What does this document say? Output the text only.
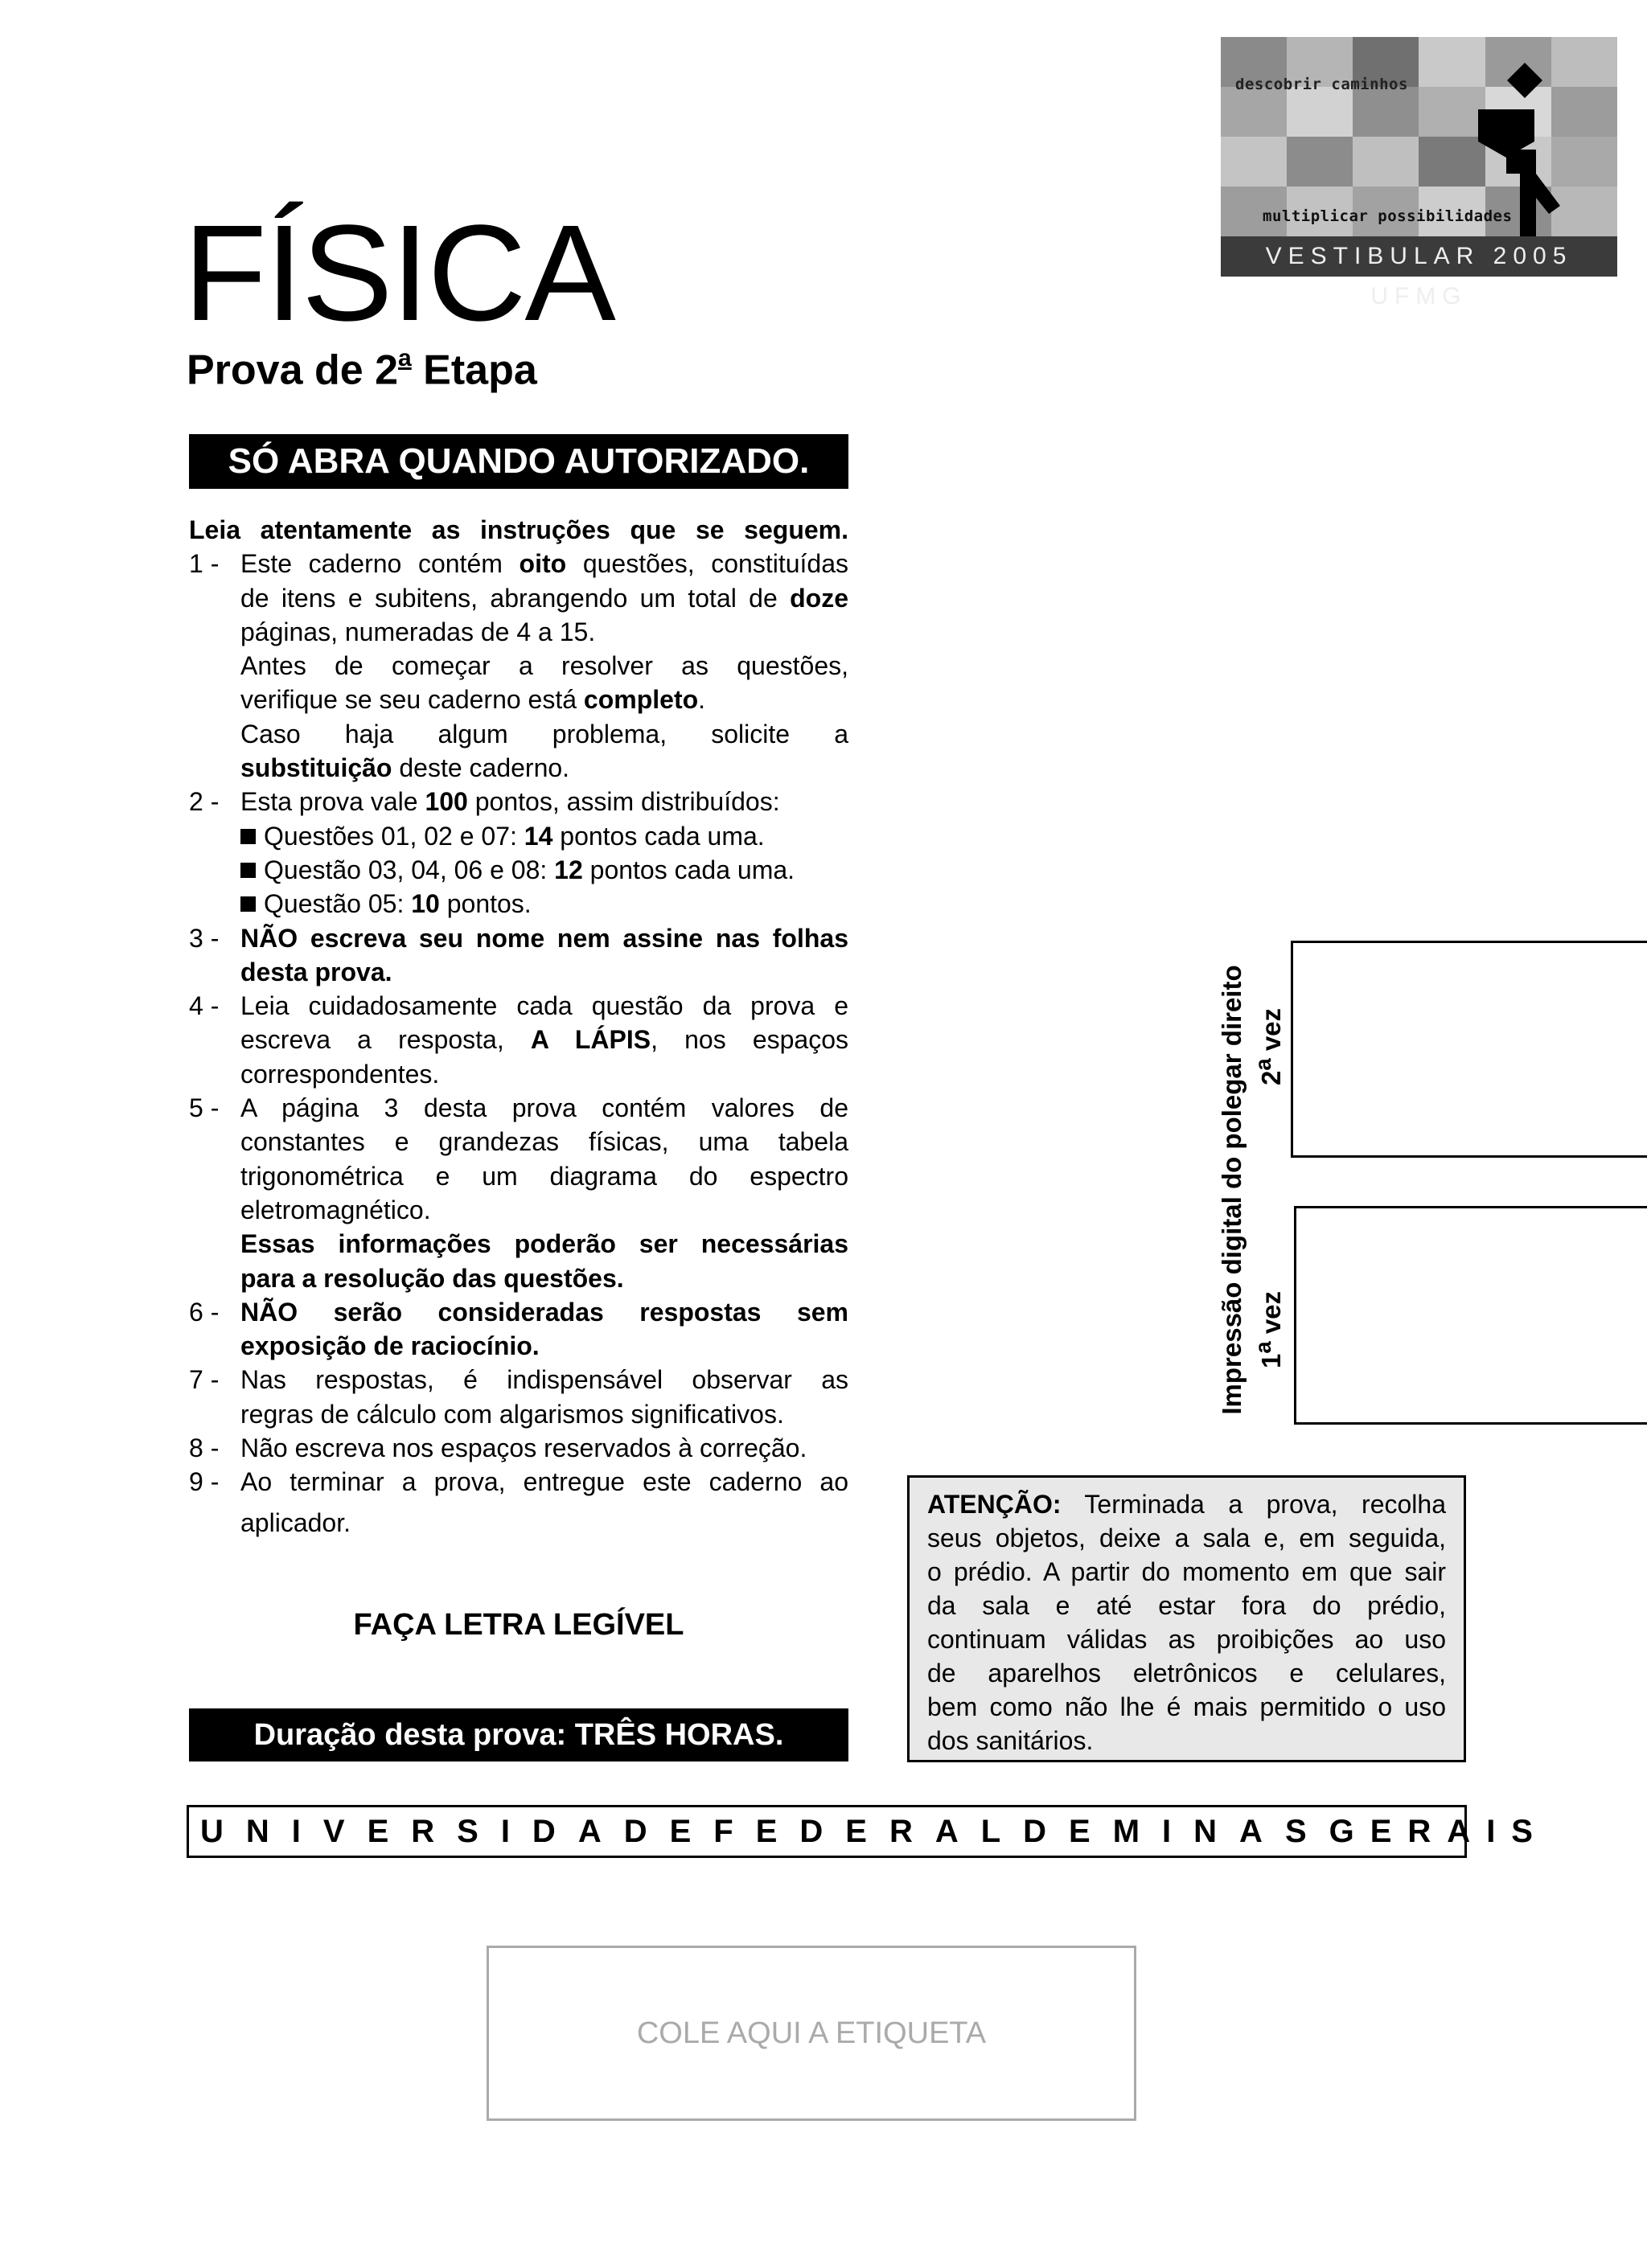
FÍSICA
Prova de 2$^a$ Etapa
descobrir caminhos
multiplicar possibilidades
VESTIBULAR 2005 UFMG
SÓ ABRA QUANDO AUTORIZADO.
Leia atentamente as instruções que se seguem.
1 - Este caderno contém oito questões, constituídas
de itens e subitens, abrangendo um total de doze
páginas, numeradas de 4 a 15.
Antes de começar a resolver as questões,
verifique se seu caderno está completo.
Caso haja algum problema, solicite a
substituição deste caderno.
2 - Esta prova vale 100 pontos, assim distribuídos:
Questões 01, 02 e 07: 14 pontos cada uma.
Questão 03, 04, 06 e 08: 12 pontos cada uma.
Questão 05: 10 pontos.
3 - NÃO escreva seu nome nem assine nas folhas
desta prova.
4 - Leia cuidadosamente cada questão da prova e
escreva a resposta, A LÁPIS, nos espaços
correspondentes.
5 - A página 3 desta prova contém valores de
constantes e grandezas físicas, uma tabela
trigonométrica e um diagrama do espectro
eletromagnético.
Essas informações poderão ser necessárias
para a resolução das questões.
6 - NÃO serão consideradas respostas sem
exposição de raciocínio.
7 - Nas respostas, é indispensável observar as
regras de cálculo com algarismos significativos.
8 - Não escreva nos espaços reservados à correção.
9 - Ao terminar a prova, entregue este caderno ao
aplicador.
FAÇA LETRA LEGÍVEL
Duração desta prova: TRÊS HORAS.
Impressão digital do polegar direito 2$^a$ vez
1$^a$ vez
ATENÇÃO: Terminada a prova, recolha
seus objetos, deixe a sala e, em seguida,
o prédio. A partir do momento em que sair
da sala e até estar fora do prédio,
continuam válidas as proibições ao uso
de aparelhos eletrônicos e celulares,
bem como não lhe é mais permitido o uso
dos sanitários.
UNIVERSIDADE FEDERAL DE MINAS GERAIS
COLE AQUI A ETIQUETA
